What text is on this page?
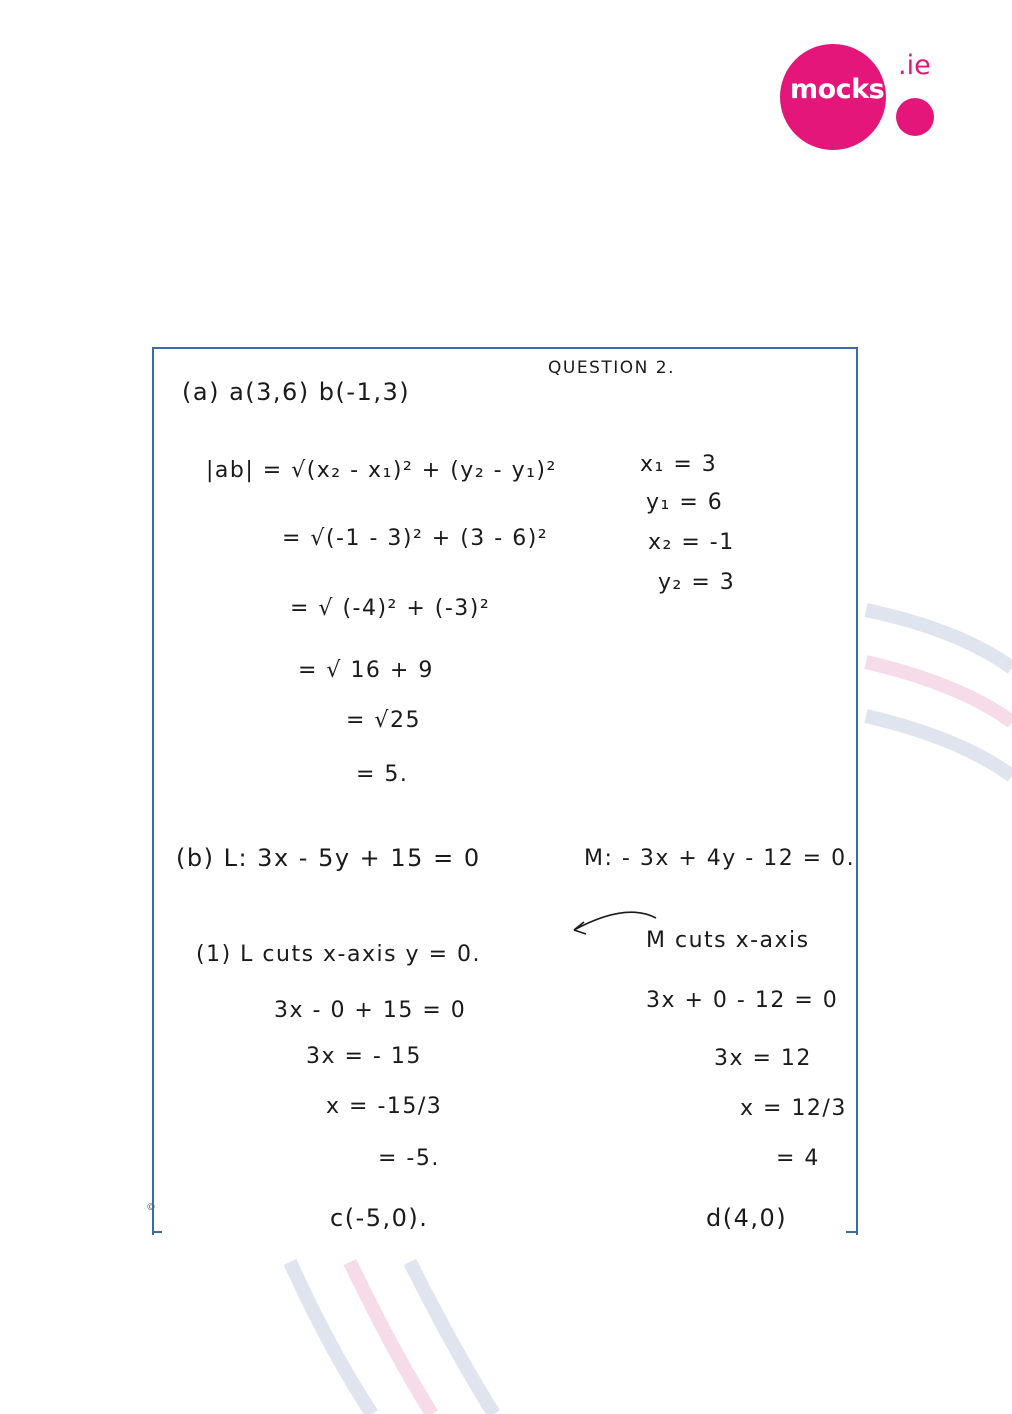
mocks
.ie
©
(a) a(3,6) b(-1,3)
QUESTION 2.
|ab| = √(x₂ - x₁)² + (y₂ - y₁)²
= √(-1 - 3)² + (3 - 6)²
= √ (-4)² + (-3)²
= √ 16 + 9
= √25
= 5.
x₁ = 3
y₁ = 6
x₂ = -1
y₂ = 3
(b) L: 3x - 5y + 15 = 0	M: - 3x + 4y - 12 = 0.
(1) L cuts x-axis y = 0.
M cuts x-axis
3x - 0 + 15 = 0
3x = - 15
x = -15/3
= -5.
c(-5,0).
3x + 0 - 12 = 0
3x = 12
x = 12/3
= 4
d(4,0)
